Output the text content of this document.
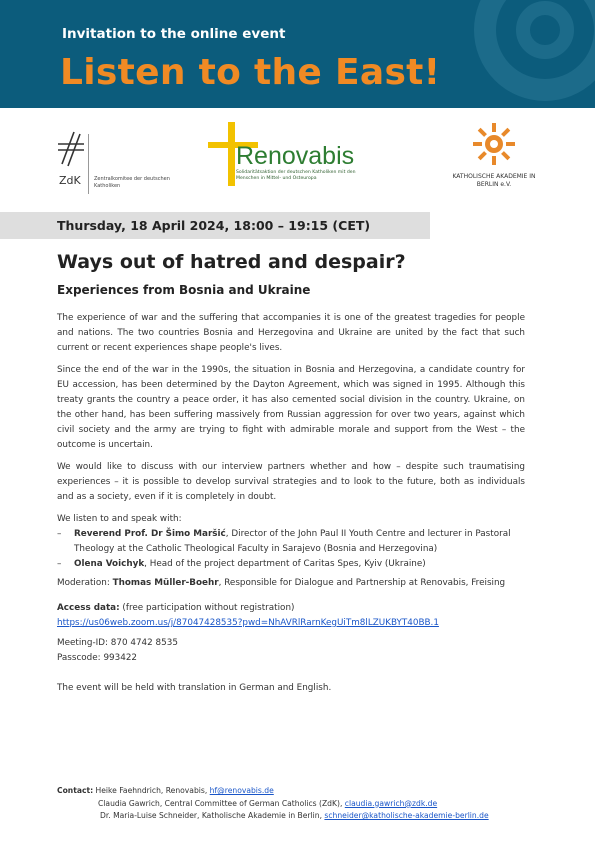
Invitation to the online event
Listen to the East!
ZdK	Zentralkomitee der deutschen Katholiken
Renovabis
Solidaritätsaktion der deutschen Katholiken mit den Menschen in Mittel- und Osteuropa	KATHOLISCHE AKADEMIE IN BERLIN e.V.
Thursday, 18 April 2024, 18:00 – 19:15 (CET)
Ways out of hatred and despair?
Experiences from Bosnia and Ukraine

The experience of war and the suffering that accompanies it is one of the greatest tragedies for people and nations. The two countries Bosnia and Herzegovina and Ukraine are united by the fact that such current or recent experiences shape people's lives.

Since the end of the war in the 1990s, the situation in Bosnia and Herzegovina, a candidate country for EU accession, has been determined by the Dayton Agreement, which was signed in 1995. Although this treaty grants the country a peace order, it has also cemented social division in the country. Ukraine, on the other hand, has been suffering massively from Russian aggression for over two years, against which civil society and the army are trying to fight with admirable morale and support from the West – the outcome is uncertain.

We would like to discuss with our interview partners whether and how – despite such traumatising experiences – it is possible to develop survival strategies and to look to the future, both as individuals and as a society, even if it is completely in doubt.

We listen to and speak with:
– Reverend Prof. Dr Šimo Maršić, Director of the John Paul II Youth Centre and lecturer in Pastoral Theology at the Catholic Theological Faculty in Sarajevo (Bosnia and Herzegovina)
– Olena Voichyk, Head of the project department of Caritas Spes, Kyiv (Ukraine)
Moderation: Thomas Müller-Boehr, Responsible for Dialogue and Partnership at Renovabis, Freising
Access data: (free participation without registration)
https://us06web.zoom.us/j/87047428535?pwd=NhAVRlRarnKegUiTm8lLZUKBYT40BB.1
Meeting-ID: 870 4742 8535
Passcode: 993422
The event will be held with translation in German and English.
Contact: Heike Faehndrich, Renovabis, hf@renovabis.de
Claudia Gawrich, Central Committee of German Catholics (ZdK), claudia.gawrich@zdk.de
Dr. Maria-Luise Schneider, Katholische Akademie in Berlin, schneider@katholische-akademie-berlin.de
